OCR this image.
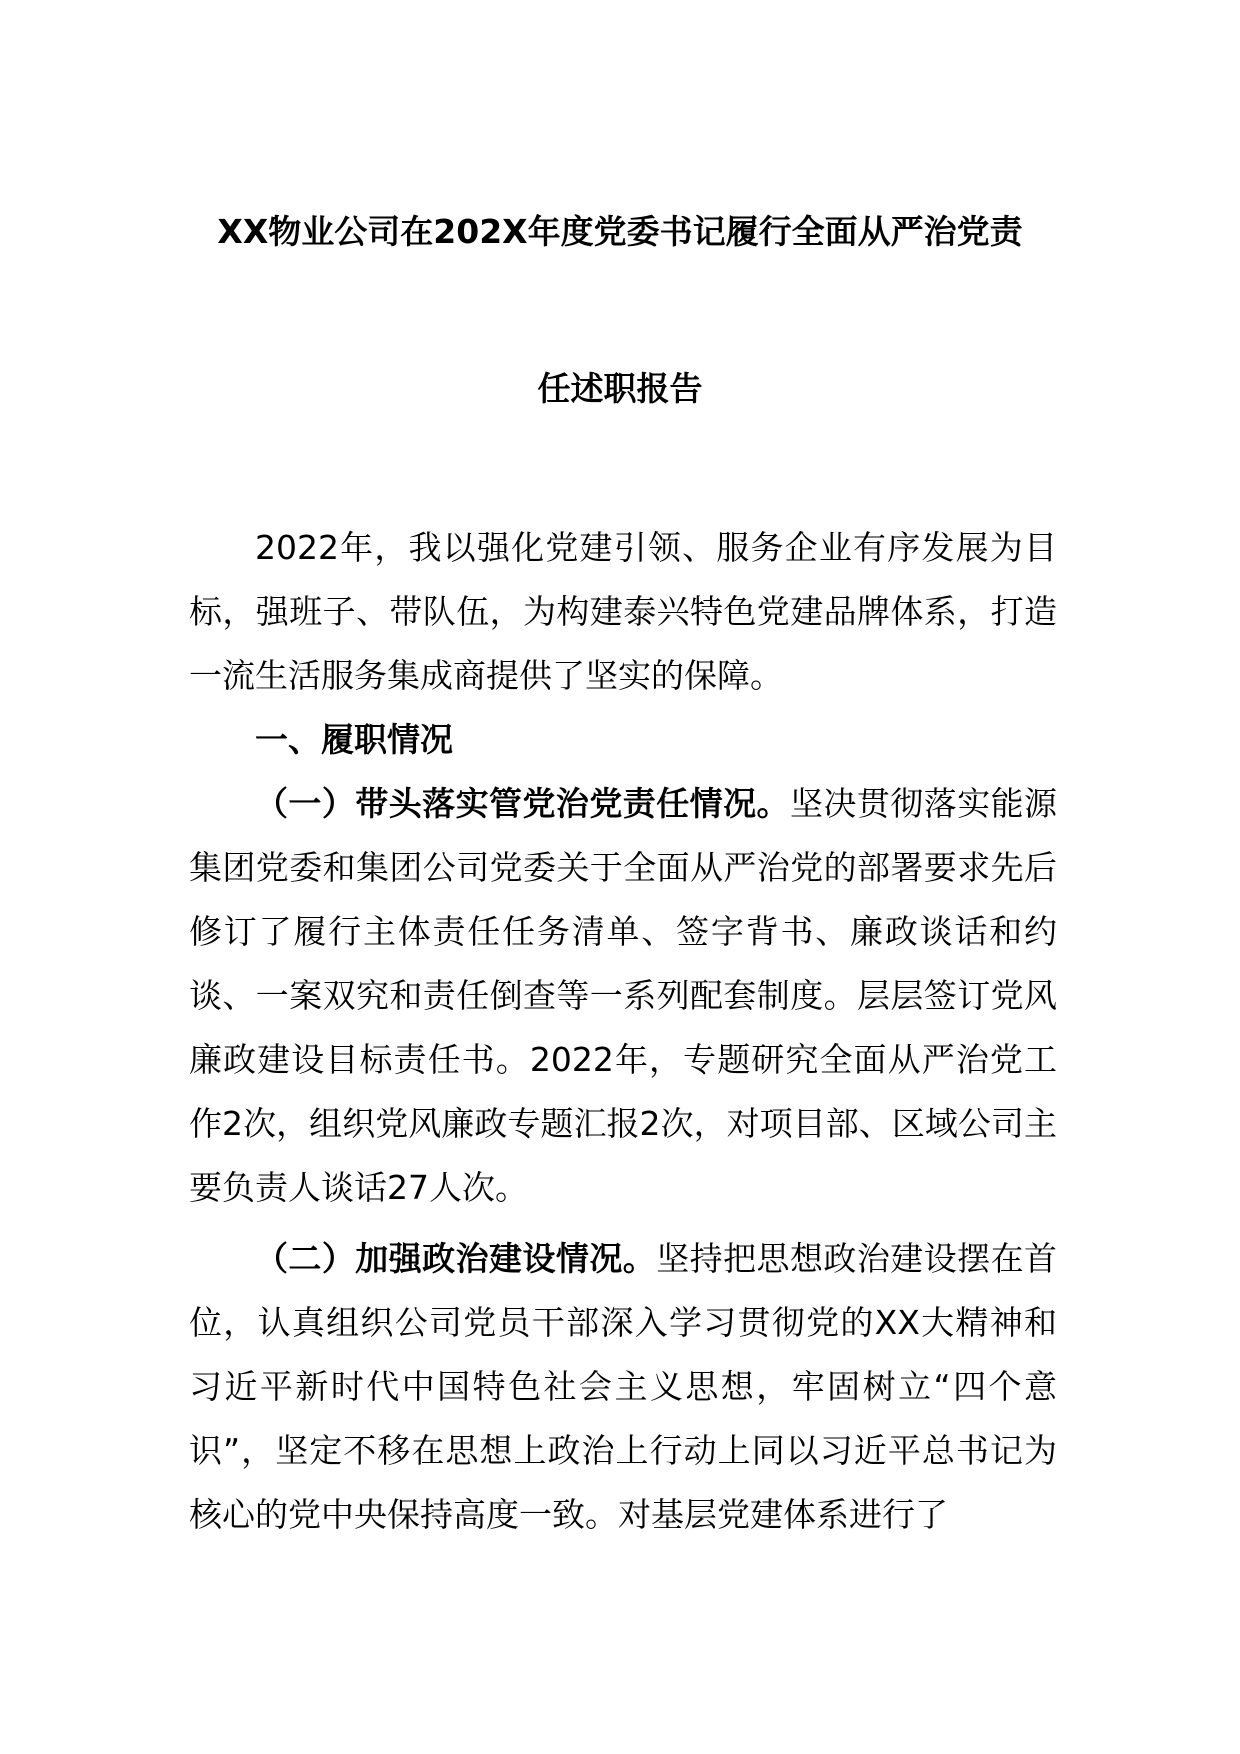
XX物业公司在202X年度党委书记履行全面从严治党责
任述职报告

2022年，我以强化党建引领、服务企业有序发展为目标，强班子、带队伍，为构建泰兴特色党建品牌体系，打造一流生活服务集成商提供了坚实的保障。

一、履职情况

（一）带头落实管党治党责任情况。坚决贯彻落实能源集团党委和集团公司党委关于全面从严治党的部署要求先后修订了履行主体责任任务清单、签字背书、廉政谈话和约谈、一案双究和责任倒查等一系列配套制度。层层签订党风廉政建设目标责任书。2022年，专题研究全面从严治党工作2次，组织党风廉政专题汇报2次，对项目部、区域公司主要负责人谈话27人次。

（二）加强政治建设情况。坚持把思想政治建设摆在首位，认真组织公司党员干部深入学习贯彻党的XX大精神和习近平新时代中国特色社会主义思想，牢固树立“四个意识”，坚定不移在思想上政治上行动上同以习近平总书记为核心的党中央保持高度一致。对基层党建体系进行了
